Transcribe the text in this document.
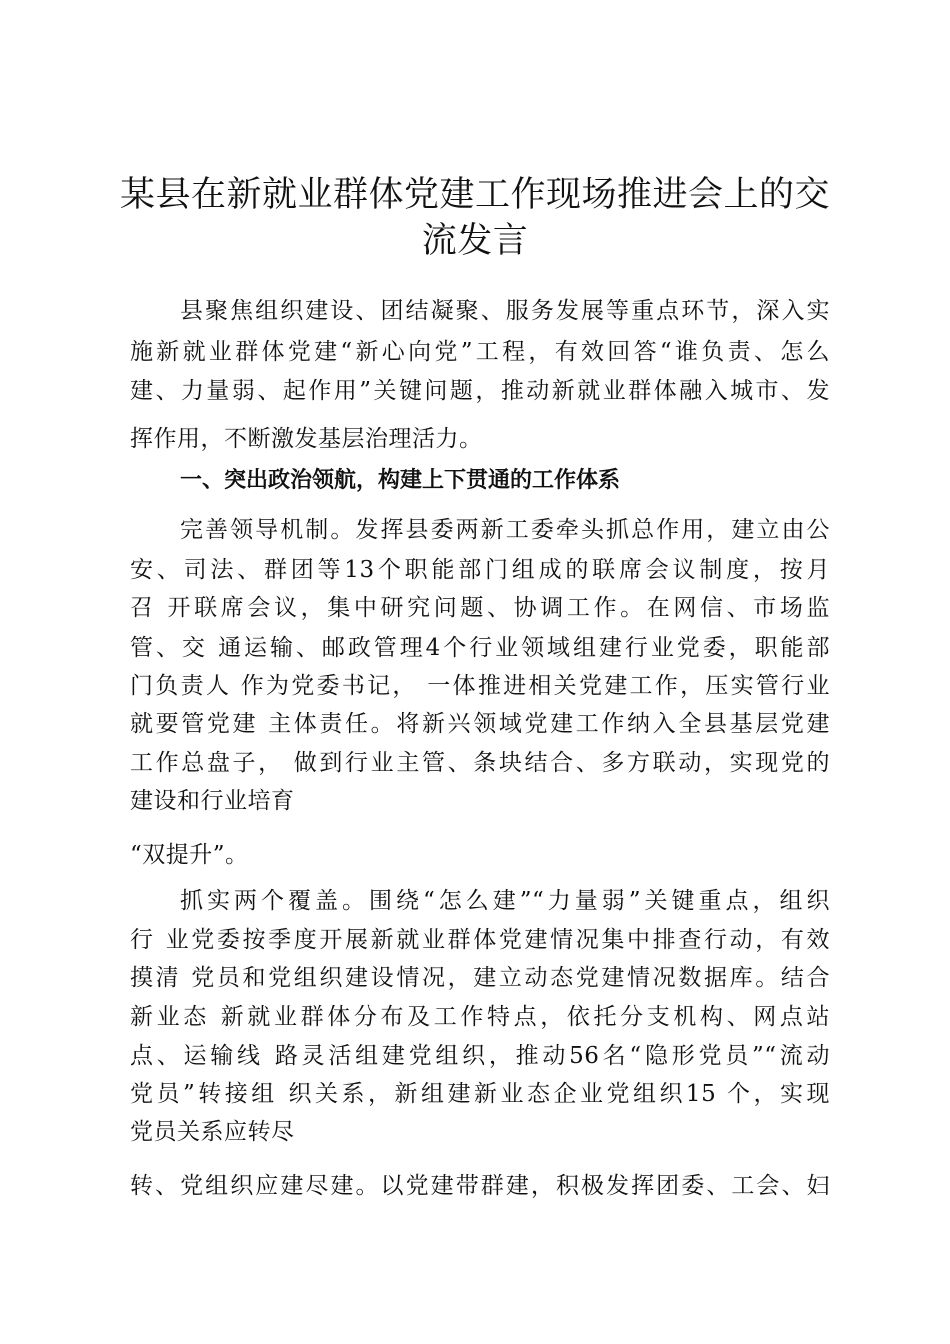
某县在新就业群体党建工作现场推进会上的交
流发言
县聚焦组织建设、团结凝聚、服务发展等重点环节，深入实
施新就业群体党建“新心向党”工程，有效回答“谁负责、怎么
建、力量弱、起作用”关键问题，推动新就业群体融入城市、发
挥作用，不断激发基层治理活力。
一、突出政治领航，构建上下贯通的工作体系
完善领导机制。发挥县委两新工委牵头抓总作用，建立由公
安、司法、群团等13个职能部门组成的联席会议制度，按月
召 开联席会议，集中研究问题、协调工作。在网信、市场监
管、交 通运输、邮政管理4个行业领域组建行业党委，职能部
门负责人 作为党委书记， 一体推进相关党建工作，压实管行业
就要管党建 主体责任。将新兴领域党建工作纳入全县基层党建
工作总盘子， 做到行业主管、条块结合、多方联动，实现党的
建设和行业培育
“双提升”。
抓实两个覆盖。围绕“怎么建”“力量弱”关键重点，组织
行 业党委按季度开展新就业群体党建情况集中排查行动，有效
摸清 党员和党组织建设情况，建立动态党建情况数据库。结合
新业态 新就业群体分布及工作特点，依托分支机构、网点站
点、运输线 路灵活组建党组织，推动56名“隐形党员”“流动
党员”转接组 织关系，新组建新业态企业党组织15 个，实现
党员关系应转尽
转、党组织应建尽建。以党建带群建，积极发挥团委、工会、妇
